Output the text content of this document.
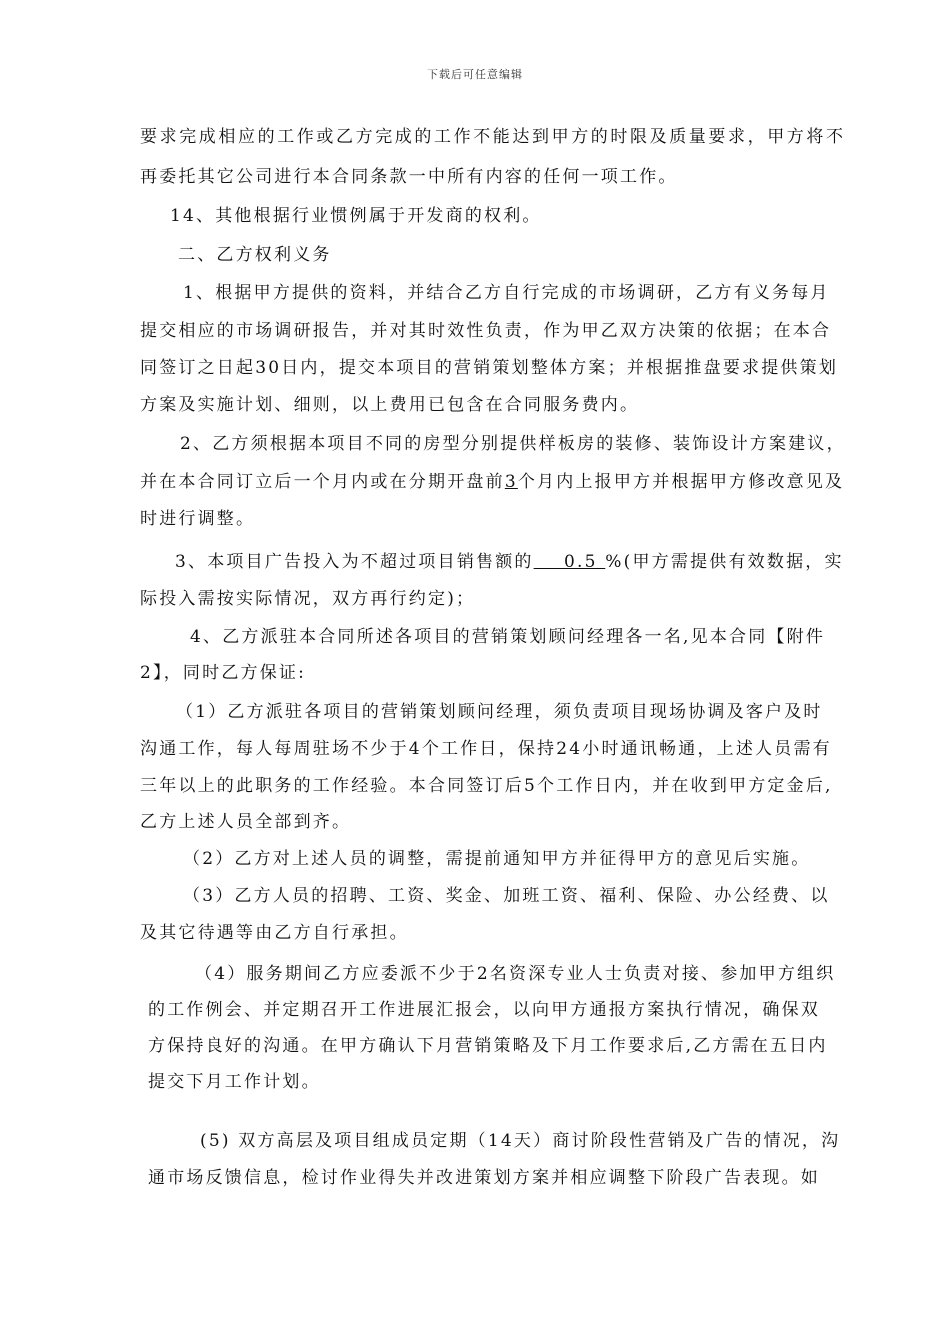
下载后可任意编辑
要求完成相应的工作或乙方完成的工作不能达到甲方的时限及质量要求，甲方将不
再委托其它公司进行本合同条款一中所有内容的任何一项工作。
14、其他根据行业惯例属于开发商的权利。
二、乙方权利义务
1、根据甲方提供的资料，并结合乙方自行完成的市场调研，乙方有义务每月
提交相应的市场调研报告，并对其时效性负责，作为甲乙双方决策的依据；在本合
同签订之日起30日内，提交本项目的营销策划整体方案；并根据推盘要求提供策划
方案及实施计划、细则，以上费用已包含在合同服务费内。
2、乙方须根据本项目不同的房型分别提供样板房的装修、装饰设计方案建议，
并在本合同订立后一个月内或在分期开盘前3个月内上报甲方并根据甲方修改意见及
时进行调整。
3、本项目广告投入为不超过项目销售额的    0.5 %(甲方需提供有效数据，实
际投入需按实际情况，双方再行约定)；
4、乙方派驻本合同所述各项目的营销策划顾问经理各一名,见本合同【附件
2】，同时乙方保证:
（1）乙方派驻各项目的营销策划顾问经理，须负责项目现场协调及客户及时
沟通工作，每人每周驻场不少于4个工作日，保持24小时通讯畅通，上述人员需有
三年以上的此职务的工作经验。本合同签订后5个工作日内，并在收到甲方定金后,
乙方上述人员全部到齐。
（2）乙方对上述人员的调整，需提前通知甲方并征得甲方的意见后实施。
（3）乙方人员的招聘、工资、奖金、加班工资、福利、保险、办公经费、以
及其它待遇等由乙方自行承担。
（4）服务期间乙方应委派不少于2名资深专业人士负责对接、参加甲方组织
的工作例会、并定期召开工作进展汇报会，以向甲方通报方案执行情况，确保双
方保持良好的沟通。在甲方确认下月营销策略及下月工作要求后,乙方需在五日内
提交下月工作计划。
(5) 双方高层及项目组成员定期（14天）商讨阶段性营销及广告的情况，沟
通市场反馈信息，检讨作业得失并改进策划方案并相应调整下阶段广告表现。如
